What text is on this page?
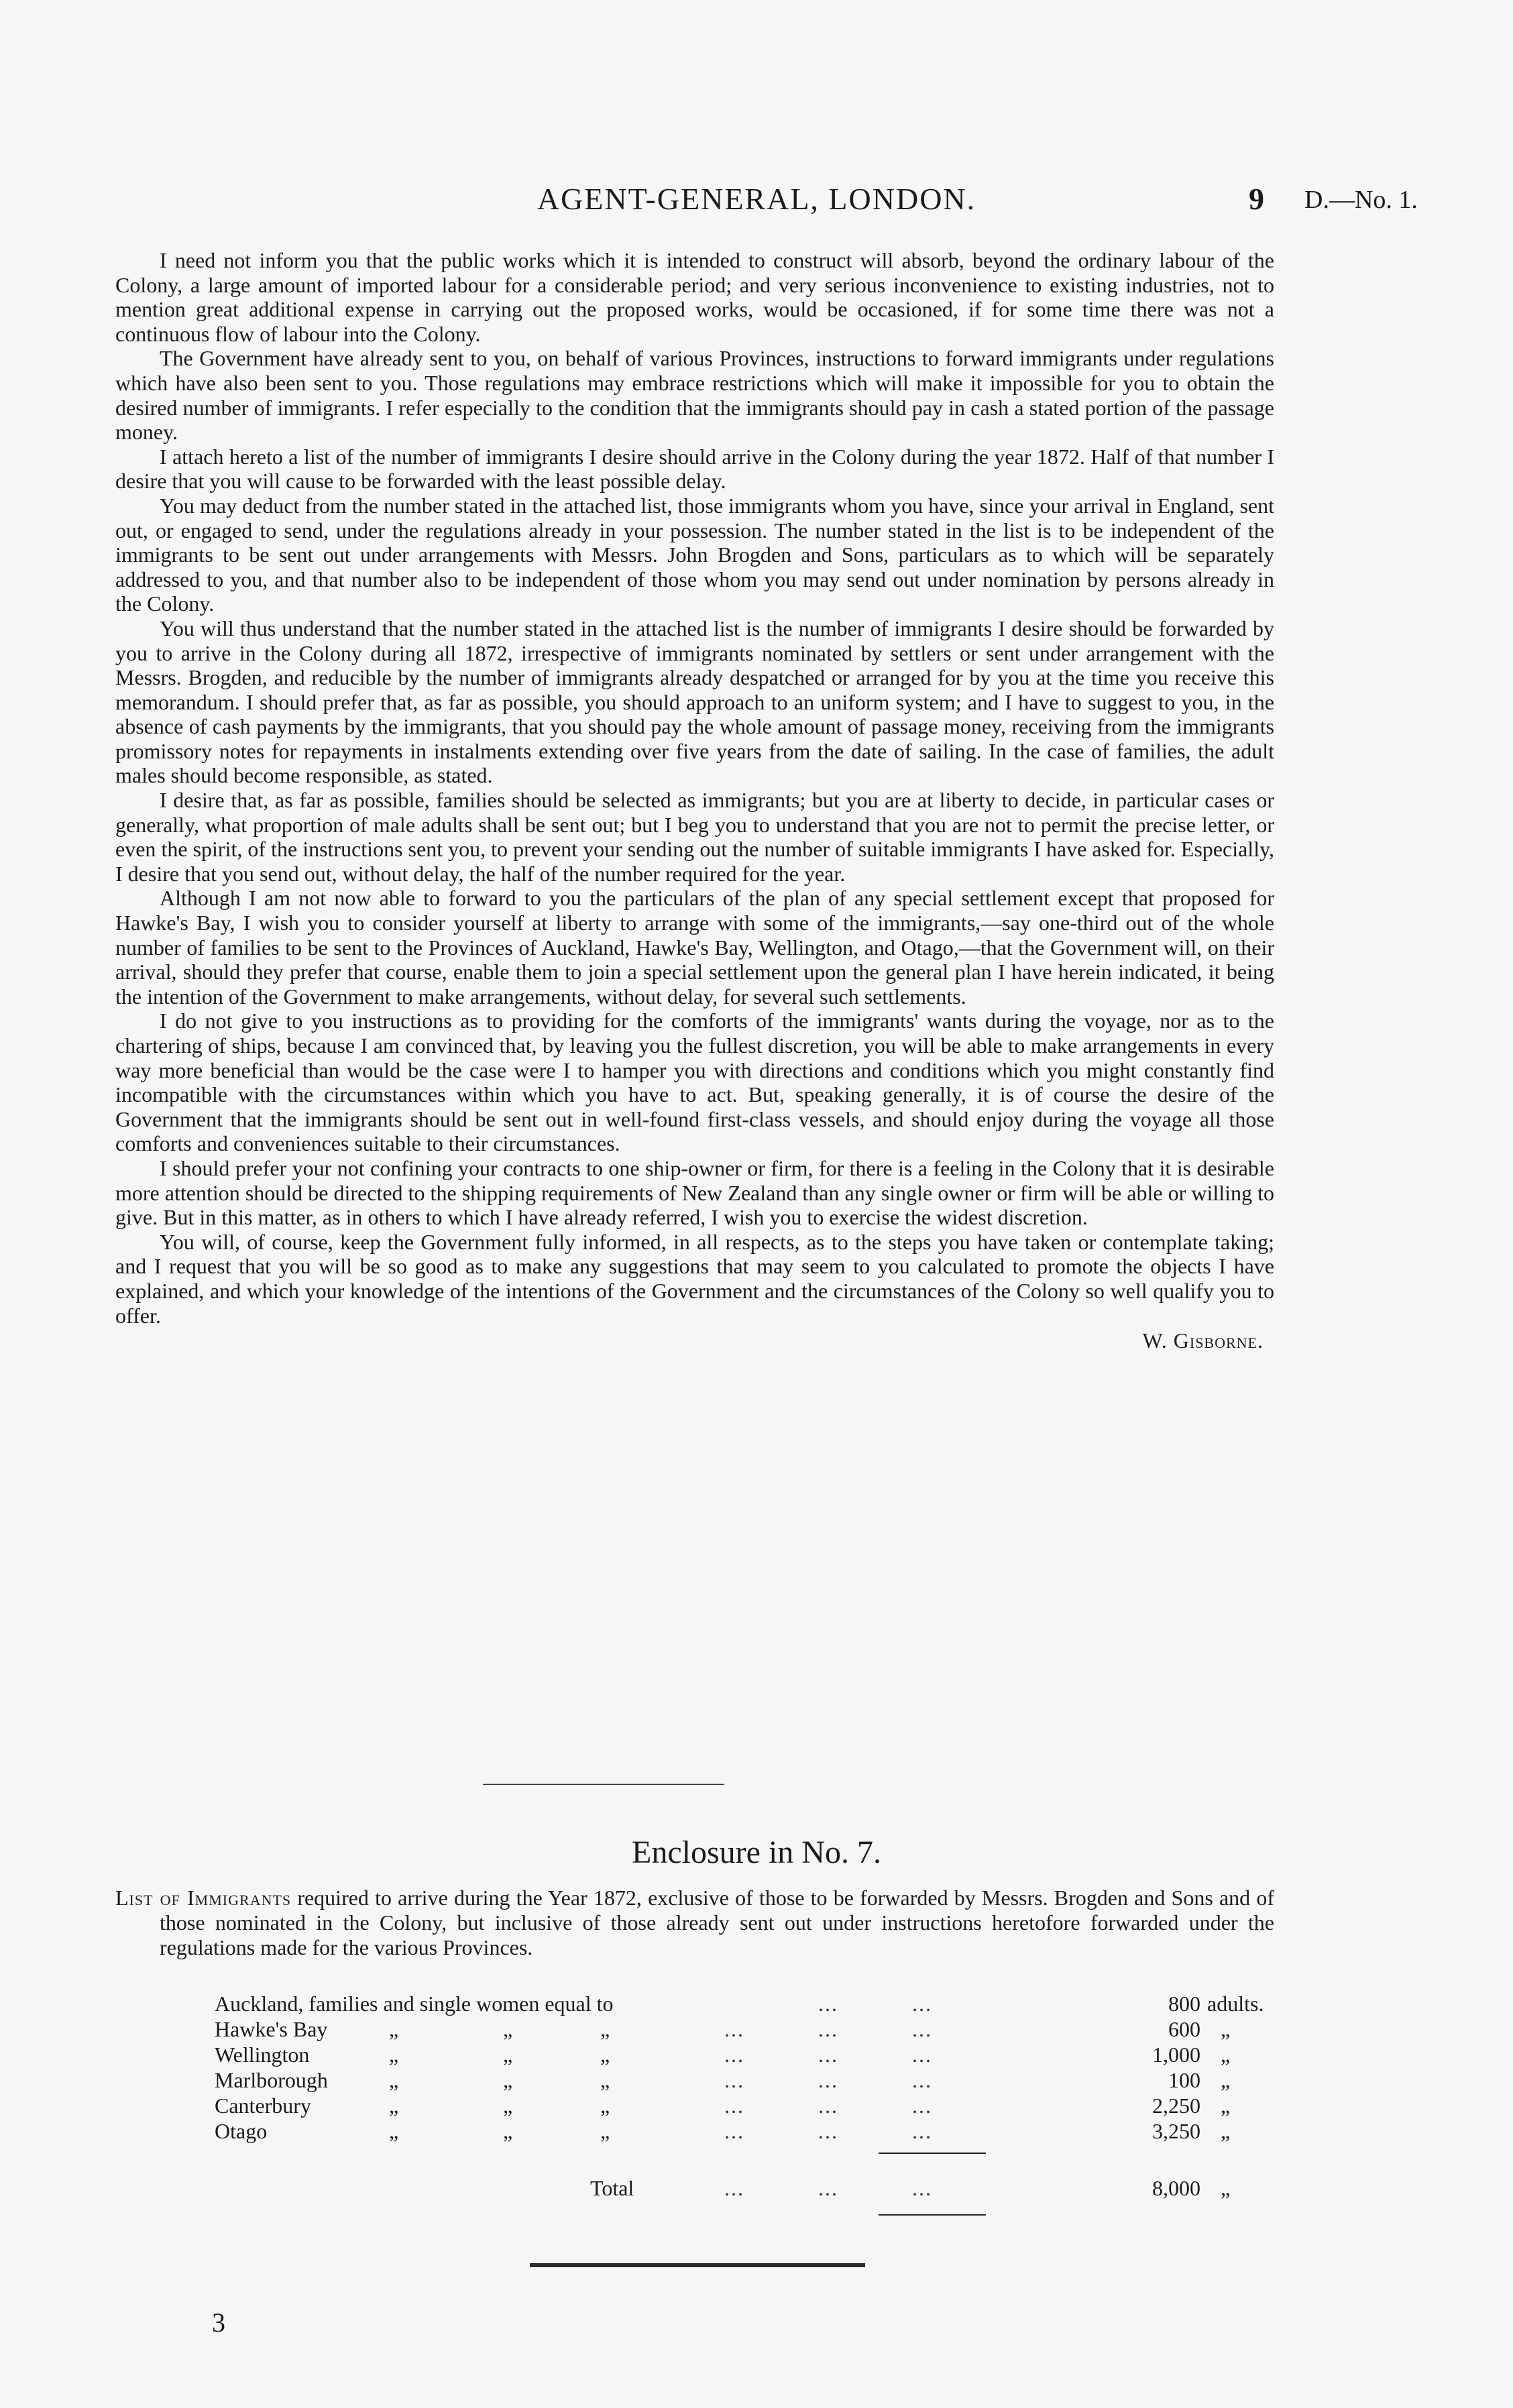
AGENT-GENERAL, LONDON.	9 D.—No. 1.

I need not inform you that the public works which it is intended to construct will absorb, beyond the ordinary labour of the Colony, a large amount of imported labour for a considerable period; and very serious inconvenience to existing industries, not to mention great additional expense in carrying out the proposed works, would be occasioned, if for some time there was not a continuous flow of labour into the Colony.

The Government have already sent to you, on behalf of various Provinces, instructions to forward immigrants under regulations which have also been sent to you. Those regulations may embrace restrictions which will make it impossible for you to obtain the desired number of immigrants. I refer especially to the condition that the immigrants should pay in cash a stated portion of the passage money.

I attach hereto a list of the number of immigrants I desire should arrive in the Colony during the year 1872. Half of that number I desire that you will cause to be forwarded with the least possible delay.

You may deduct from the number stated in the attached list, those immigrants whom you have, since your arrival in England, sent out, or engaged to send, under the regulations already in your possession. The number stated in the list is to be independent of the immigrants to be sent out under arrangements with Messrs. John Brogden and Sons, particulars as to which will be separately addressed to you, and that number also to be independent of those whom you may send out under nomination by persons already in the Colony.

You will thus understand that the number stated in the attached list is the number of immigrants I desire should be forwarded by you to arrive in the Colony during all 1872, irrespective of immigrants nominated by settlers or sent under arrangement with the Messrs. Brogden, and reducible by the number of immigrants already despatched or arranged for by you at the time you receive this memorandum. I should prefer that, as far as possible, you should approach to an uniform system; and I have to suggest to you, in the absence of cash payments by the immigrants, that you should pay the whole amount of passage money, receiving from the immigrants promissory notes for repayments in instalments extending over five years from the date of sailing. In the case of families, the adult males should become responsible, as stated.

I desire that, as far as possible, families should be selected as immigrants; but you are at liberty to decide, in particular cases or generally, what proportion of male adults shall be sent out; but I beg you to understand that you are not to permit the precise letter, or even the spirit, of the instructions sent you, to prevent your sending out the number of suitable immigrants I have asked for. Especially, I desire that you send out, without delay, the half of the number required for the year.

Although I am not now able to forward to you the particulars of the plan of any special settlement except that proposed for Hawke's Bay, I wish you to consider yourself at liberty to arrange with some of the immigrants,—say one-third out of the whole number of families to be sent to the Provinces of Auckland, Hawke's Bay, Wellington, and Otago,—that the Government will, on their arrival, should they prefer that course, enable them to join a special settlement upon the general plan I have herein indicated, it being the intention of the Government to make arrangements, without delay, for several such settlements.

I do not give to you instructions as to providing for the comforts of the immigrants' wants during the voyage, nor as to the chartering of ships, because I am convinced that, by leaving you the fullest discretion, you will be able to make arrangements in every way more beneficial than would be the case were I to hamper you with directions and conditions which you might constantly find incompatible with the circumstances within which you have to act. But, speaking generally, it is of course the desire of the Government that the immigrants should be sent out in well-found first-class vessels, and should enjoy during the voyage all those comforts and conveniences suitable to their circumstances.

I should prefer your not confining your contracts to one ship-owner or firm, for there is a feeling in the Colony that it is desirable more attention should be directed to the shipping requirements of New Zealand than any single owner or firm will be able or willing to give. But in this matter, as in others to which I have already referred, I wish you to exercise the widest discretion.

You will, of course, keep the Government fully informed, in all respects, as to the steps you have taken or contemplate taking; and I request that you will be so good as to make any suggestions that may seem to you calculated to promote the objects I have explained, and which your knowledge of the intentions of the Government and the circumstances of the Colony so well qualify you to offer.

W. Gisborne.
Enclosure in No. 7.

List of Immigrants required to arrive during the Year 1872, exclusive of those to be forwarded by Messrs. Brogden and Sons and of those nominated in the Colony, but inclusive of those already sent out under instructions heretofore forwarded under the regulations made for the various Provinces.

Auckland, families and single women equal to	...	...	800 adults.
Hawke's Bay	„	„	„	...	...	...	600 „
Wellington	„	„	„	...	...	...	1,000 „
Marlborough	„	„	„	...	...	...	100 „
Canterbury	„	„	„	...	...	...	2,250 „
Otago	„	„	„	...	...	...	3,250 „
Total	...	...	...	8,000 „
3
